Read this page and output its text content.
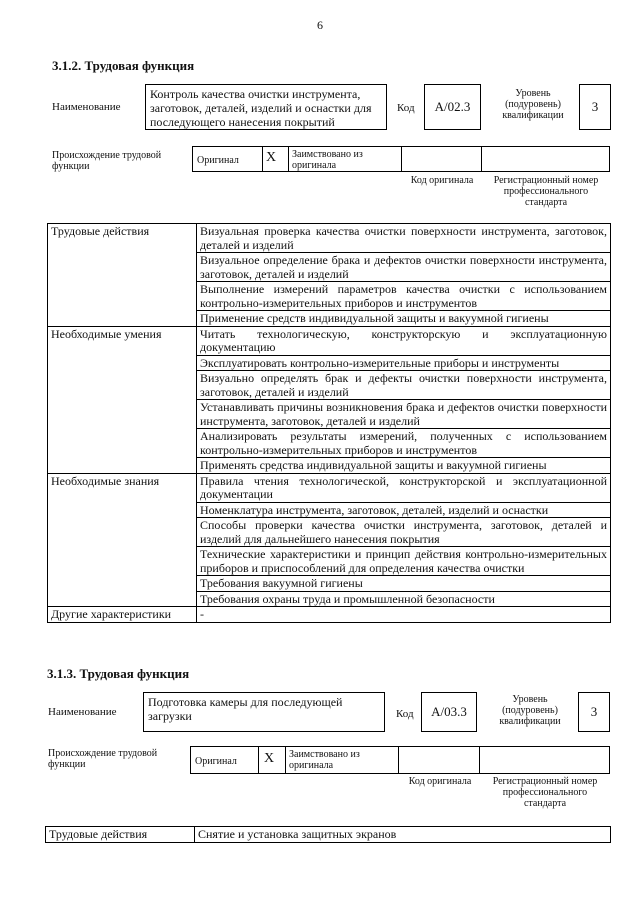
6
3.1.2. Трудовая функция
Наименование
Контроль качества очистки инструмента, заготовок, деталей, изделий и оснастки для последующего нанесения покрытий
Код	A/02.3
Уровень (подуровень) квалификации
3
Происхождение трудовой функции
Оригинал X Заимствовано из оригинала
Код оригинала	Регистрационный номер профессионального стандарта
Трудовые действия	Визуальная проверка качества очистки поверхности инструмента, заготовок, деталей и изделий
	Визуальное определение брака и дефектов очистки поверхности инструмента, заготовок, деталей и изделий
	Выполнение измерений параметров качества очистки с использованием контрольно-измерительных приборов и инструментов
	Применение средств индивидуальной защиты и вакуумной гигиены
Необходимые умения	Читать технологическую, конструкторскую и эксплуатационную документацию
	Эксплуатировать контрольно-измерительные приборы и инструменты
	Визуально определять брак и дефекты очистки поверхности инструмента, заготовок, деталей и изделий
	Устанавливать причины возникновения брака и дефектов очистки поверхности инструмента, заготовок, деталей и изделий
	Анализировать результаты измерений, полученных с использованием контрольно-измерительных приборов и инструментов
	Применять средства индивидуальной защиты и вакуумной гигиены
Необходимые знания	Правила чтения технологической, конструкторской и эксплуатационной документации
	Номенклатура инструмента, заготовок, деталей, изделий и оснастки
	Способы проверки качества очистки инструмента, заготовок, деталей и изделий для дальнейшего нанесения покрытия
	Технические характеристики и принцип действия контрольно-измерительных приборов и приспособлений для определения качества очистки
	Требования вакуумной гигиены
	Требования охраны труда и промышленной безопасности
Другие характеристики	-
3.1.3. Трудовая функция
Наименование
Подготовка камеры для последующей загрузки	Код	A/03.3
Уровень (подуровень) квалификации
3
Происхождение трудовой функции	Оригинал X Заимствовано из оригинала
Код оригинала	Регистрационный номер профессионального стандарта
Трудовые действия	Снятие и установка защитных экранов
